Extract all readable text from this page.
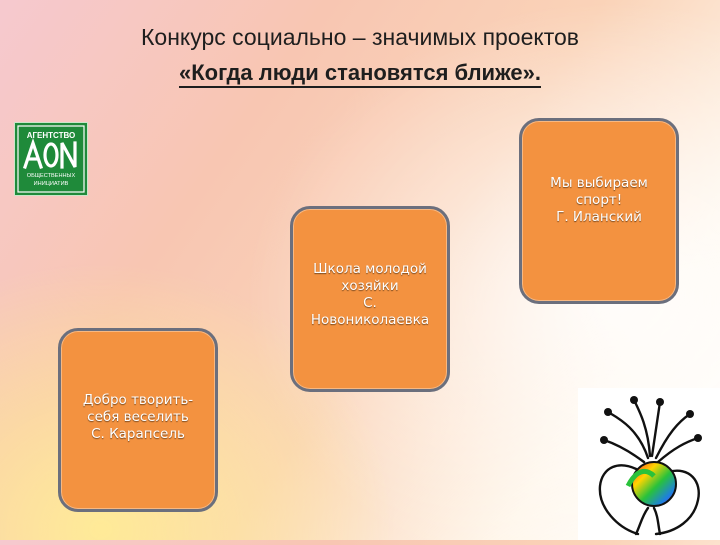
Конкурс социально – значимых проектов
«Когда люди становятся ближе».
АГЕНТСТВО
ОБЩЕСТВЕННЫХ
ИНИЦИАТИВ
Добро творить-
себя веселить
С. Карапсель
Школа молодой
хозяйки
С.
Новониколаевка
Мы выбираем
спорт!
Г. Иланский
